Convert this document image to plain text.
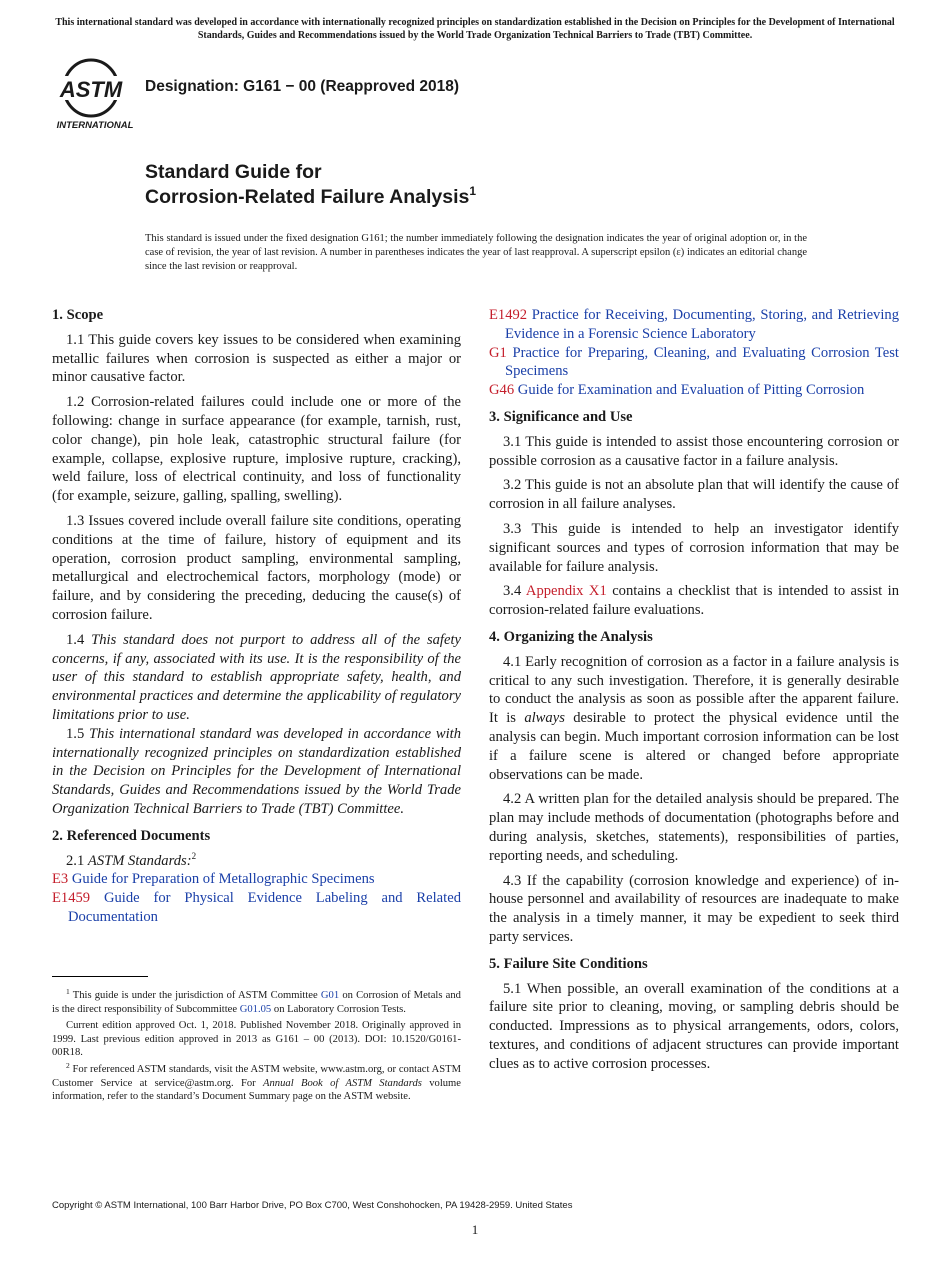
This international standard was developed in accordance with internationally recognized principles on standardization established in the Decision on Principles for the Development of International Standards, Guides and Recommendations issued by the World Trade Organization Technical Barriers to Trade (TBT) Committee.
ASTM
INTERNATIONAL
Designation: G161 − 00 (Reapproved 2018)
Standard Guide for
Corrosion-Related Failure Analysis$^1$
This standard is issued under the fixed designation G161; the number immediately following the designation indicates the year of original adoption or, in the case of revision, the year of last revision. A number in parentheses indicates the year of last reapproval. A superscript epsilon (ε) indicates an editorial change since the last revision or reapproval.
1. Scope

1.1 This guide covers key issues to be considered when examining metallic failures when corrosion is suspected as either a major or minor causative factor.

1.2 Corrosion-related failures could include one or more of the following: change in surface appearance (for example, tarnish, rust, color change), pin hole leak, catastrophic structural failure (for example, collapse, explosive rupture, implosive rupture, cracking), weld failure, loss of electrical continuity, and loss of functionality (for example, seizure, galling, spalling, swelling).

1.3 Issues covered include overall failure site conditions, operating conditions at the time of failure, history of equipment and its operation, corrosion product sampling, environmental sampling, metallurgical and electrochemical factors, morphology (mode) or failure, and by considering the preceding, deducing the cause(s) of corrosion failure.

1.4 This standard does not purport to address all of the safety concerns, if any, associated with its use. It is the responsibility of the user of this standard to establish appropriate safety, health, and environmental practices and determine the applicability of regulatory limitations prior to use.

1.5 This international standard was developed in accordance with internationally recognized principles on standardization established in the Decision on Principles for the Development of International Standards, Guides and Recommendations issued by the World Trade Organization Technical Barriers to Trade (TBT) Committee.

2. Referenced Documents

2.1 ASTM Standards:$^2$

E3 Guide for Preparation of Metallographic Specimens
E1459 Guide for Physical Evidence Labeling and Related Documentation
E1492 Practice for Receiving, Documenting, Storing, and Retrieving Evidence in a Forensic Science Laboratory
G1 Practice for Preparing, Cleaning, and Evaluating Corrosion Test Specimens
G46 Guide for Examination and Evaluation of Pitting Corrosion
3. Significance and Use

3.1 This guide is intended to assist those encountering corrosion or possible corrosion as a causative factor in a failure analysis.

3.2 This guide is not an absolute plan that will identify the cause of corrosion in all failure analyses.

3.3 This guide is intended to help an investigator identify significant sources and types of corrosion information that may be available for failure analysis.

3.4 Appendix X1 contains a checklist that is intended to assist in corrosion-related failure evaluations.

4. Organizing the Analysis

4.1 Early recognition of corrosion as a factor in a failure analysis is critical to any such investigation. Therefore, it is generally desirable to conduct the analysis as soon as possible after the apparent failure. It is always desirable to protect the physical evidence until the analysis can begin. Much important corrosion information can be lost if a failure scene is altered or changed before appropriate observations can be made.

4.2 A written plan for the detailed analysis should be prepared. The plan may include methods of documentation (photographs before and during analysis, sketches, statements), responsibilities of parties, reporting needs, and scheduling.

4.3 If the capability (corrosion knowledge and experience) of in-house personnel and availability of resources are inadequate to make the analysis in a timely manner, it may be expedient to seek third party services.

5. Failure Site Conditions

5.1 When possible, an overall examination of the conditions at a failure site prior to cleaning, moving, or sampling debris should be conducted. Impressions as to physical arrangements, odors, colors, textures, and conditions of adjacent structures can provide important clues as to active corrosion processes.

$^1$ This guide is under the jurisdiction of ASTM Committee G01 on Corrosion of Metals and is the direct responsibility of Subcommittee G01.05 on Laboratory Corrosion Tests.

Current edition approved Oct. 1, 2018. Published November 2018. Originally approved in 1999. Last previous edition approved in 2013 as G161 – 00 (2013). DOI: 10.1520/G0161-00R18.

$^2$ For referenced ASTM standards, visit the ASTM website, www.astm.org, or contact ASTM Customer Service at service@astm.org. For Annual Book of ASTM Standards volume information, refer to the standard’s Document Summary page on the ASTM website.

Copyright © ASTM International, 100 Barr Harbor Drive, PO Box C700, West Conshohocken, PA 19428-2959. United States
1
